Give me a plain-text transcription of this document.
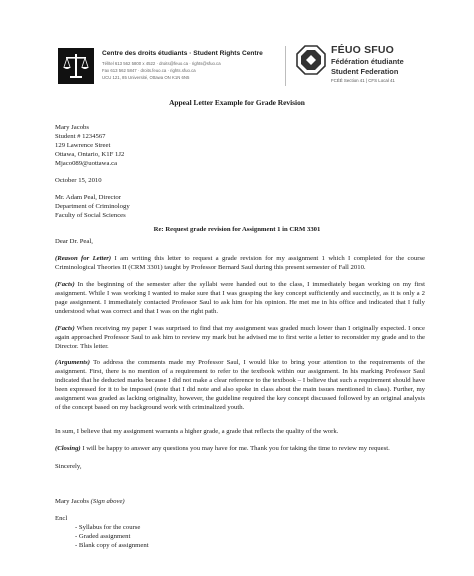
Centre des droits étudiants · Student Rights Centre
Tél/tel 613 562 5800 x 4522 · droits@feuo.ca · rights@sfuo.ca
Fax 613 562 5847 · droits.feuo.ca · rights.sfuo.ca
UCU 121, 85 Université, Ottawa ON K1N 6N5
FÉUO SFUO
Fédération étudiante
Student Federation
FCÉÉ Section 41 | CFS Local 41
Appeal Letter Example for Grade Revision
Mary Jacobs
Student # 1234567
129 Lawrence Street
Ottawa, Ontario, K1F 1J2
Mjaco089@uottawa.ca
October 15, 2010
Mr. Adam Peal, Director
Department of Criminology
Faculty of Social Sciences
Re: Request grade revision for Assignment 1 in CRM 3301
Dear Dr. Peal,
(Reason for Letter) I am writing this letter to request a grade revision for my assignment 1 which I completed for the course Criminological Theories II (CRM 3301) taught by Professor Bernard Saul during this present semester of Fall 2010.
(Facts) In the beginning of the semester after the syllabi were handed out to the class, I immediately began working on my first assignment. While I was working I wanted to make sure that I was grasping the key concept sufficiently and succinctly, as it is only a 2 page assignment. I immediately contacted Professor Saul to ask him for his opinion. He met me in his office and indicated that I fully understood what was correct and that I was on the right path.
(Facts) When receiving my paper I was surprised to find that my assignment was graded much lower than I originally expected. I once again approached Professor Saul to ask him to review my mark but he advised me to first write a letter to reconsider my grade and to the Director. This letter.
(Arguments) To address the comments made my Professor Saul, I would like to bring your attention to the requirements of the assignment. First, there is no mention of a requirement to refer to the textbook within our assignment. In his marking Professor Saul indicated that he deducted marks because I did not make a clear reference to the textbook – I believe that such a requirement should have been expressed for it to be imposed (note that I did note and also spoke in class about the main issues mentioned in class). Further, my assignment was graded as lacking originality, however, the guideline required the key concept discussed followed by an original analysis of the concept based on my background work with criminalized youth.
In sum, I believe that my assignment warrants a higher grade, a grade that reflects the quality of the work.
(Closing) I will be happy to answer any questions you may have for me. Thank you for taking the time to review my request.
Sincerely,
Mary Jacobs (Sign above)
Encl
- Syllabus for the course
- Graded assignment
- Blank copy of assignment
